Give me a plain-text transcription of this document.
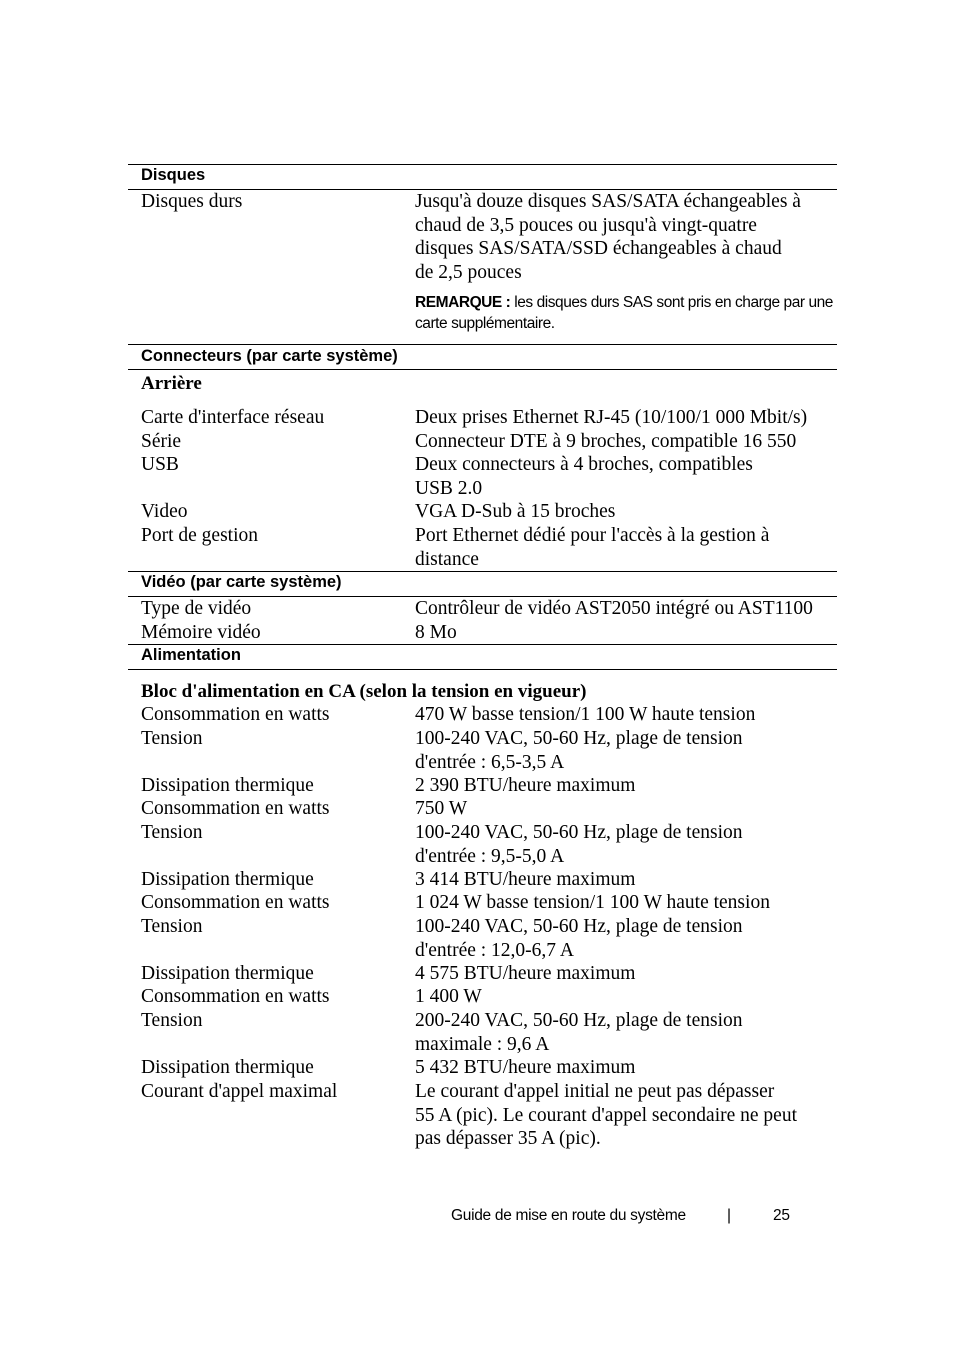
Disques
Disques durs	Jusqu'à douze disques SAS/SATA échangeables à
chaud de 3,5 pouces ou jusqu'à vingt-quatre
disques SAS/SATA/SSD échangeables à chaud
de 2,5 pouces
REMARQUE : les disques durs SAS sont pris en charge par une carte supplémentaire.
Connecteurs (par carte système)
Arrière
Carte d'interface réseau	Deux prises Ethernet RJ-45 (10/100/1 000 Mbit/s)
Série	Connecteur DTE à 9 broches, compatible 16 550
USB	Deux connecteurs à 4 broches, compatibles
USB 2.0
Video	VGA D-Sub à 15 broches
Port de gestion	Port Ethernet dédié pour l'accès à la gestion à
distance
Vidéo (par carte système)
Type de vidéo	Contrôleur de vidéo AST2050 intégré ou AST1100
Mémoire vidéo	8 Mo
Alimentation
Bloc d'alimentation en CA (selon la tension en vigueur)
Consommation en watts	470 W basse tension/1 100 W haute tension
Tension	100-240 VAC, 50-60 Hz, plage de tension
d'entrée : 6,5-3,5 A
Dissipation thermique	2 390 BTU/heure maximum
Consommation en watts	750 W
Tension	100-240 VAC, 50-60 Hz, plage de tension
d'entrée : 9,5-5,0 A
Dissipation thermique	3 414 BTU/heure maximum
Consommation en watts	1 024 W basse tension/1 100 W haute tension
Tension	100-240 VAC, 50-60 Hz, plage de tension
d'entrée : 12,0-6,7 A
Dissipation thermique	4 575 BTU/heure maximum
Consommation en watts	1 400 W
Tension	200-240 VAC, 50-60 Hz, plage de tension
maximale : 9,6 A
Dissipation thermique	5 432 BTU/heure maximum
Courant d'appel maximal	Le courant d'appel initial ne peut pas dépasser
55 A (pic). Le courant d'appel secondaire ne peut
pas dépasser 35 A (pic).
Guide de mise en route du système	|	25
